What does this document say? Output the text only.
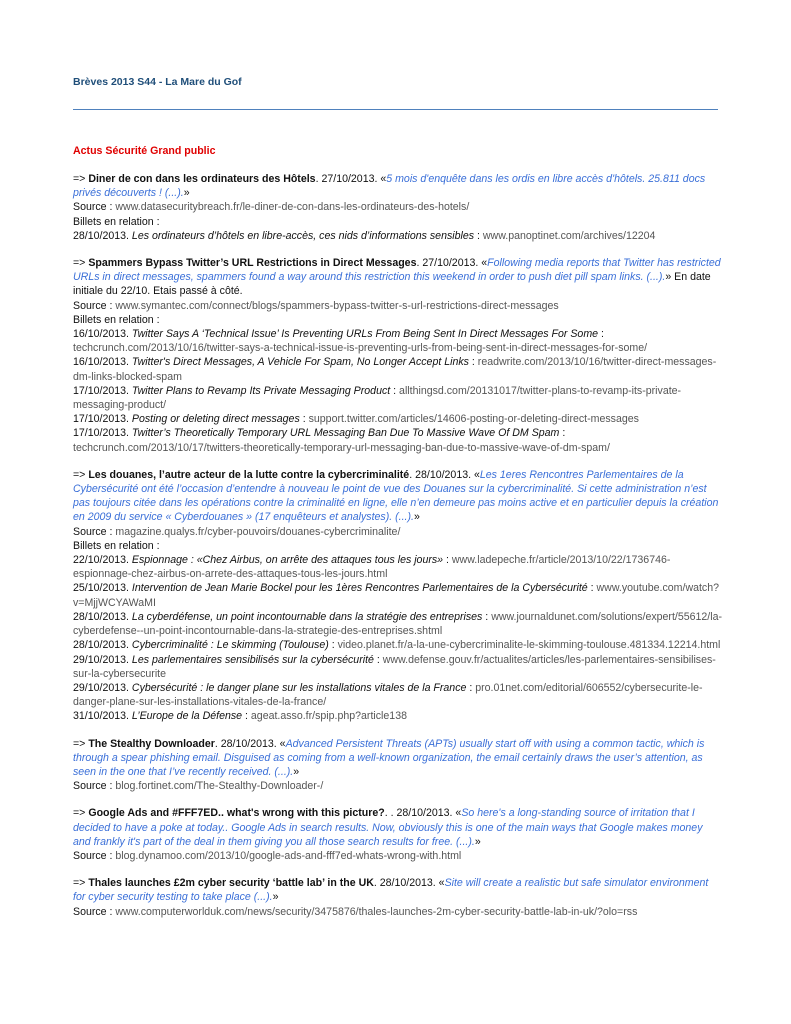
Brèves 2013 S44 - La Mare du Gof
Actus Sécurité Grand public

=> Diner de con dans les ordinateurs des Hôtels. 27/10/2013. «5 mois d'enquête dans les ordis en libre accès d'hôtels. 25.811 docs privés découverts ! (...).»

Source : www.datasecuritybreach.fr/le-diner-de-con-dans-les-ordinateurs-des-hotels/

Billets en relation :

28/10/2013. Les ordinateurs d’hôtels en libre-accès, ces nids d’informations sensibles : www.panoptinet.com/archives/12204

=> Spammers Bypass Twitter’s URL Restrictions in Direct Messages. 27/10/2013. «Following media reports that Twitter has restricted URLs in direct messages, spammers found a way around this restriction this weekend in order to push diet pill spam links. (...).» En date initiale du 22/10. Etais passé à côté.

Source : www.symantec.com/connect/blogs/spammers-bypass-twitter-s-url-restrictions-direct-messages

Billets en relation :

16/10/2013. Twitter Says A ‘Technical Issue’ Is Preventing URLs From Being Sent In Direct Messages For Some : techcrunch.com/2013/10/16/twitter-says-a-technical-issue-is-preventing-urls-from-being-sent-in-direct-messages-for-some/

16/10/2013. Twitter's Direct Messages, A Vehicle For Spam, No Longer Accept Links : readwrite.com/2013/10/16/twitter-direct-messages-dm-links-blocked-spam

17/10/2013. Twitter Plans to Revamp Its Private Messaging Product : allthingsd.com/20131017/twitter-plans-to-revamp-its-private-messaging-product/

17/10/2013. Posting or deleting direct messages : support.twitter.com/articles/14606-posting-or-deleting-direct-messages

17/10/2013. Twitter’s Theoretically Temporary URL Messaging Ban Due To Massive Wave Of DM Spam : techcrunch.com/2013/10/17/twitters-theoretically-temporary-url-messaging-ban-due-to-massive-wave-of-dm-spam/

=> Les douanes, l’autre acteur de la lutte contre la cybercriminalité. 28/10/2013. «Les 1eres Rencontres Parlementaires de la Cybersécurité ont été l’occasion d’entendre à nouveau le point de vue des Douanes sur la cybercriminalité. Si cette administration n’est pas toujours citée dans les opérations contre la criminalité en ligne, elle n’en demeure pas moins active et en particulier depuis la création en 2009 du service « Cyberdouanes » (17 enquêteurs et analystes). (...).»

Source : magazine.qualys.fr/cyber-pouvoirs/douanes-cybercriminalite/

Billets en relation :

22/10/2013. Espionnage : «Chez Airbus, on arrête des attaques tous les jours» : www.ladepeche.fr/article/2013/10/22/1736746-espionnage-chez-airbus-on-arrete-des-attaques-tous-les-jours.html

25/10/2013. Intervention de Jean Marie Bockel pour les 1ères Rencontres Parlementaires de la Cybersécurité : www.youtube.com/watch?v=MjjWCYAWaMI

28/10/2013. La cyberdéfense, un point incontournable dans la stratégie des entreprises : www.journaldunet.com/solutions/expert/55612/la-cyberdefense--un-point-incontournable-dans-la-strategie-des-entreprises.shtml

28/10/2013. Cybercriminalité : Le skimming (Toulouse) : video.planet.fr/a-la-une-cybercriminalite-le-skimming-toulouse.481334.12214.html

29/10/2013. Les parlementaires sensibilisés sur la cybersécurité : www.defense.gouv.fr/actualites/articles/les-parlementaires-sensibilises-sur-la-cybersecurite

29/10/2013. Cybersécurité : le danger plane sur les installations vitales de la France : pro.01net.com/editorial/606552/cybersecurite-le-danger-plane-sur-les-installations-vitales-de-la-france/

31/10/2013. L’Europe de la Défense : ageat.asso.fr/spip.php?article138

=> The Stealthy Downloader. 28/10/2013. «Advanced Persistent Threats (APTs) usually start off with using a common tactic, which is through a spear phishing email. Disguised as coming from a well-known organization, the email certainly draws the user’s attention, as seen in the one that I’ve recently received. (...).»

Source : blog.fortinet.com/The-Stealthy-Downloader-/

=> Google Ads and #FFF7ED.. what's wrong with this picture?. . 28/10/2013. «So here's a long-standing source of irritation that I decided to have a poke at today.. Google Ads in search results. Now, obviously this is one of the main ways that Google makes money and frankly it's part of the deal in them giving you all those search results for free. (...).»

Source : blog.dynamoo.com/2013/10/google-ads-and-fff7ed-whats-wrong-with.html

=> Thales launches £2m cyber security ‘battle lab’ in the UK. 28/10/2013. «Site will create a realistic but safe simulator environment for cyber security testing to take place (...).»

Source : www.computerworlduk.com/news/security/3475876/thales-launches-2m-cyber-security-battle-lab-in-uk/?olo=rss
